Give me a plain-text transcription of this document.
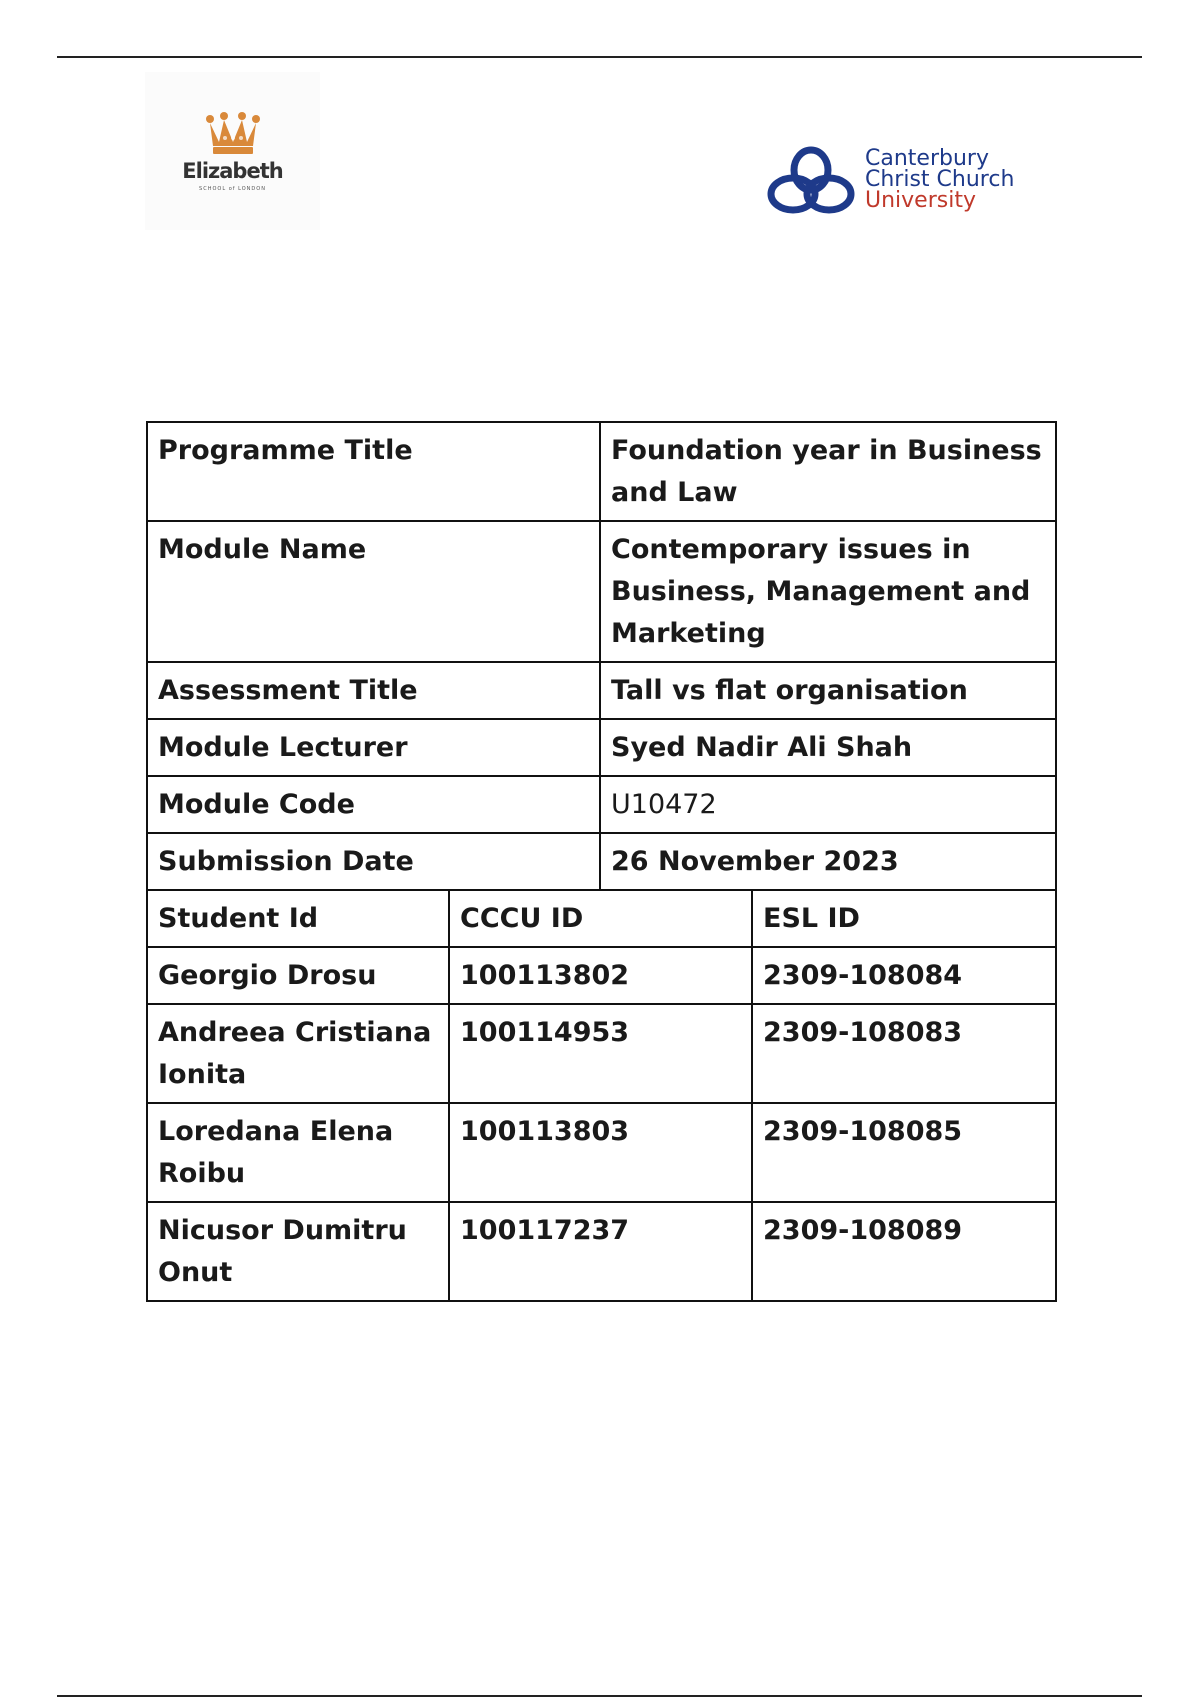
Elizabeth
SCHOOL of LONDON
Canterbury
Christ Church
University
Programme Title		Foundation year in Business and Law	
Module Name		Contemporary issues in Business, Management and Marketing	
Assessment Title		Tall vs flat organisation	
Module Lecturer		Syed Nadir Ali Shah	
Module Code		U10472	
Submission Date		26 November 2023	
Student Id	CCCU ID		ESL ID
Georgio Drosu	100113802		2309-108084
Andreea Cristiana Ionita	100114953		2309-108083
Loredana Elena Roibu	100113803		2309-108085
Nicusor Dumitru Onut	100117237		2309-108089
